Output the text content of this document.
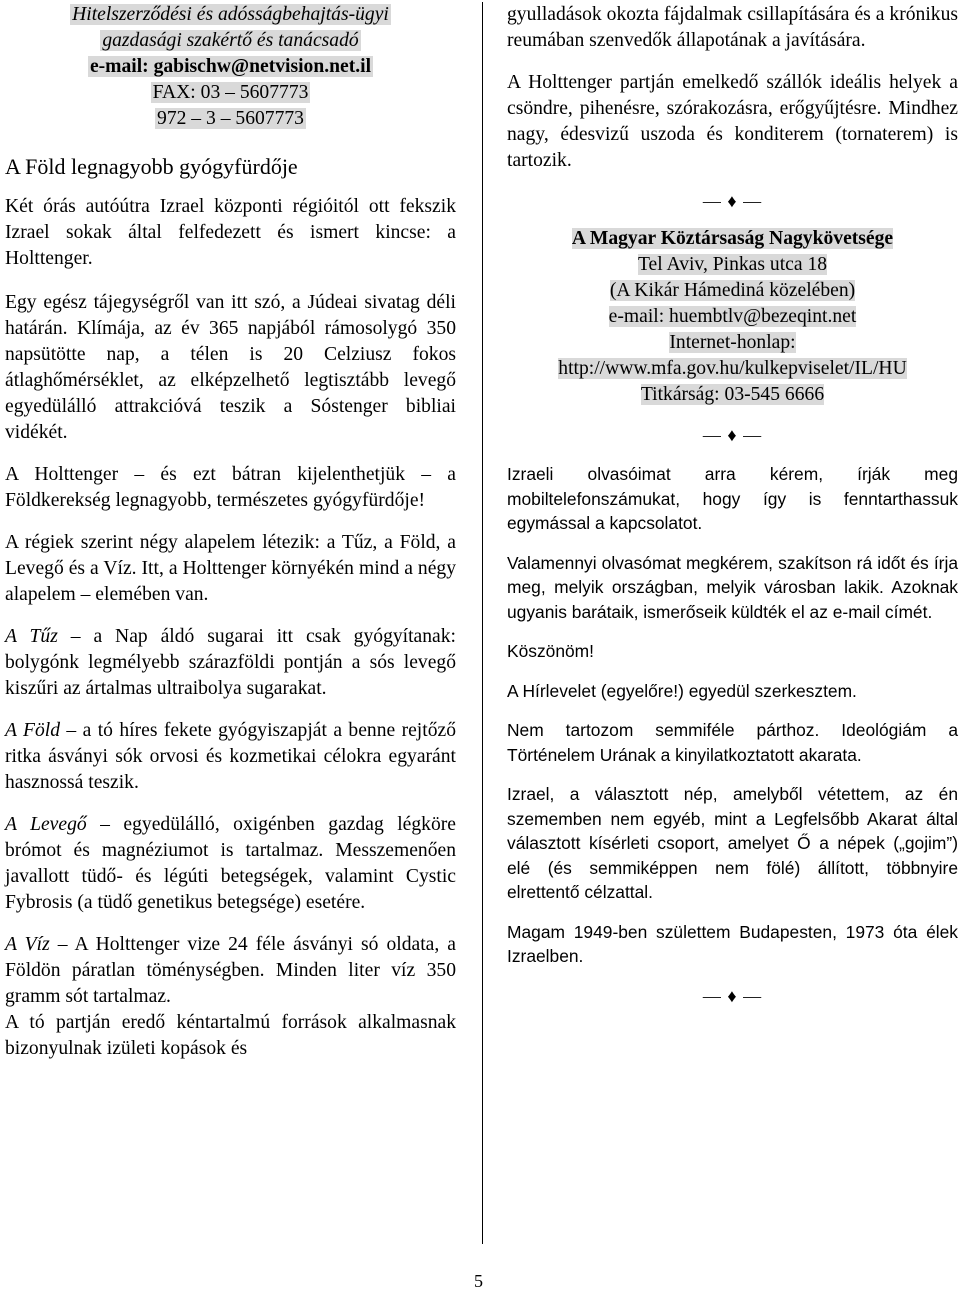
Hitelszerződési és adósságbehajtás-ügyi
gazdasági szakértő és tanácsadó
e-mail: gabischw@netvision.net.il
FAX: 03 – 5607773
972 – 3 – 5607773

A Föld legnagyobb gyógyfürdője

Két órás autóútra Izrael központi régióitól ott fekszik Izrael sokak által felfedezett és ismert kincse: a Holttenger.

Egy egész tájegységről van itt szó, a Júdeai sivatag déli határán. Klímája, az év 365 napjából rámosolygó 350 napsütötte nap, a télen is 20 Celziusz fokos átlaghőmérséklet, az elképzelhető legtisztább levegő egyedülálló attrakcióvá teszik a Sóstenger bibliai vidékét.

A Holttenger – és ezt bátran kijelenthetjük – a Földkerekség legnagyobb, természetes gyógyfürdője!

A régiek szerint négy alapelem létezik: a Tűz, a Föld, a Levegő és a Víz. Itt, a Holttenger környékén mind a négy alapelem – elemében van.

A Tűz – a Nap áldó sugarai itt csak gyógyítanak: bolygónk legmélyebb szárazföldi pontján a sós levegő kiszűri az ártalmas ultraibolya sugarakat.

A Föld – a tó híres fekete gyógyiszapját a benne rejtőző ritka ásványi sók orvosi és kozmetikai célokra egyaránt hasznossá teszik.

A Levegő – egyedülálló, oxigénben gazdag légköre brómot és magnéziumot is tartalmaz. Messzemenően javallott tüdő- és légúti betegségek, valamint Cystic Fybrosis (a tüdő genetikus betegsége) esetére.

A Víz – A Holttenger vize 24 féle ásványi só oldata, a Földön páratlan töménységben. Minden liter víz 350 gramm sót tartalmaz.

A tó partján eredő kéntartalmú források alkalmasnak bizonyulnak izületi kopások és

gyulladások okozta fájdalmak csillapítására és a krónikus reumában szenvedők állapotának a javítására.

A Holttenger partján emelkedő szállók ideális helyek a csöndre, pihenésre, szórakozásra, erőgyűjtésre. Mindhez nagy, édesvizű uszoda és konditerem (tornaterem) is tartozik.

— ♦ —

A Magyar Köztársaság Nagykövetsége
Tel Aviv, Pinkas utca 18
(A Kikár Hámediná közelében)
e-mail: huembtlv@bezeqint.net
Internet-honlap:
http://www.mfa.gov.hu/kulkepviselet/IL/HU
Titkárság: 03-545 6666

— ♦ —

Izraeli olvasóimat arra kérem, írják meg mobiltelefonszámukat, hogy így is fenntarthassuk egymással a kapcsolatot.

Valamennyi olvasómat megkérem, szakítson rá időt és írja meg, melyik országban, melyik városban lakik. Azoknak ugyanis barátaik, ismerőseik küldték el az e-mail címét.

Köszönöm!

A Hírlevelet (egyelőre!) egyedül szerkesztem.

Nem tartozom semmiféle párthoz. Ideológiám a Történelem Urának a kinyilatkoztatott akarata.

Izrael, a választott nép, amelyből vétettem, az én szememben nem egyéb, mint a Legfelsőbb Akarat által választott kísérleti csoport, amelyet Ő a népek („gojim”) elé (és semmiképpen nem fölé) állított, többnyire elrettentő célzattal.

Magam 1949-ben születtem Budapesten, 1973 óta élek Izraelben.

— ♦ —

5
